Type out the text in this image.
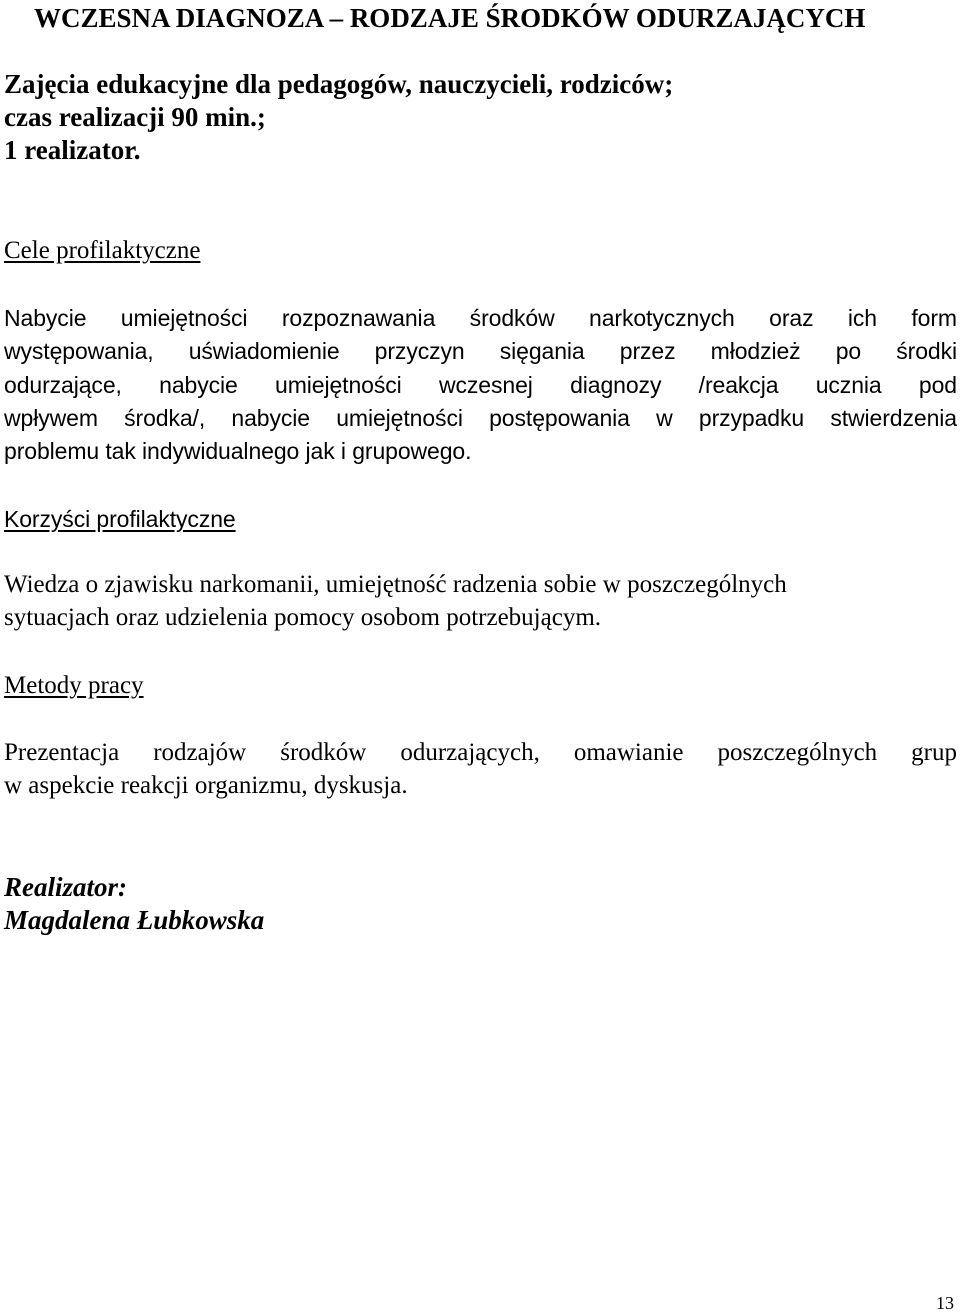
WCZESNA DIAGNOZA – RODZAJE ŚRODKÓW ODURZAJĄCYCH

Zajęcia edukacyjne dla pedagogów, nauczycieli, rodziców;
czas realizacji 90 min.;
1 realizator.

Cele profilaktyczne

Nabycie umiejętności rozpoznawania środków narkotycznych oraz ich form
występowania, uświadomienie przyczyn sięgania przez młodzież po środki
odurzające, nabycie umiejętności wczesnej diagnozy /reakcja ucznia pod
wpływem środka/, nabycie umiejętności postępowania w przypadku stwierdzenia
problemu tak indywidualnego jak i grupowego.

Korzyści profilaktyczne

Wiedza o zjawisku narkomanii, umiejętność radzenia sobie w poszczególnych
sytuacjach oraz udzielenia pomocy osobom potrzebującym.

Metody pracy

Prezentacja rodzajów środków odurzających, omawianie poszczególnych grup
w aspekcie reakcji organizmu, dyskusja.

Realizator:
Magdalena Łubkowska

13
